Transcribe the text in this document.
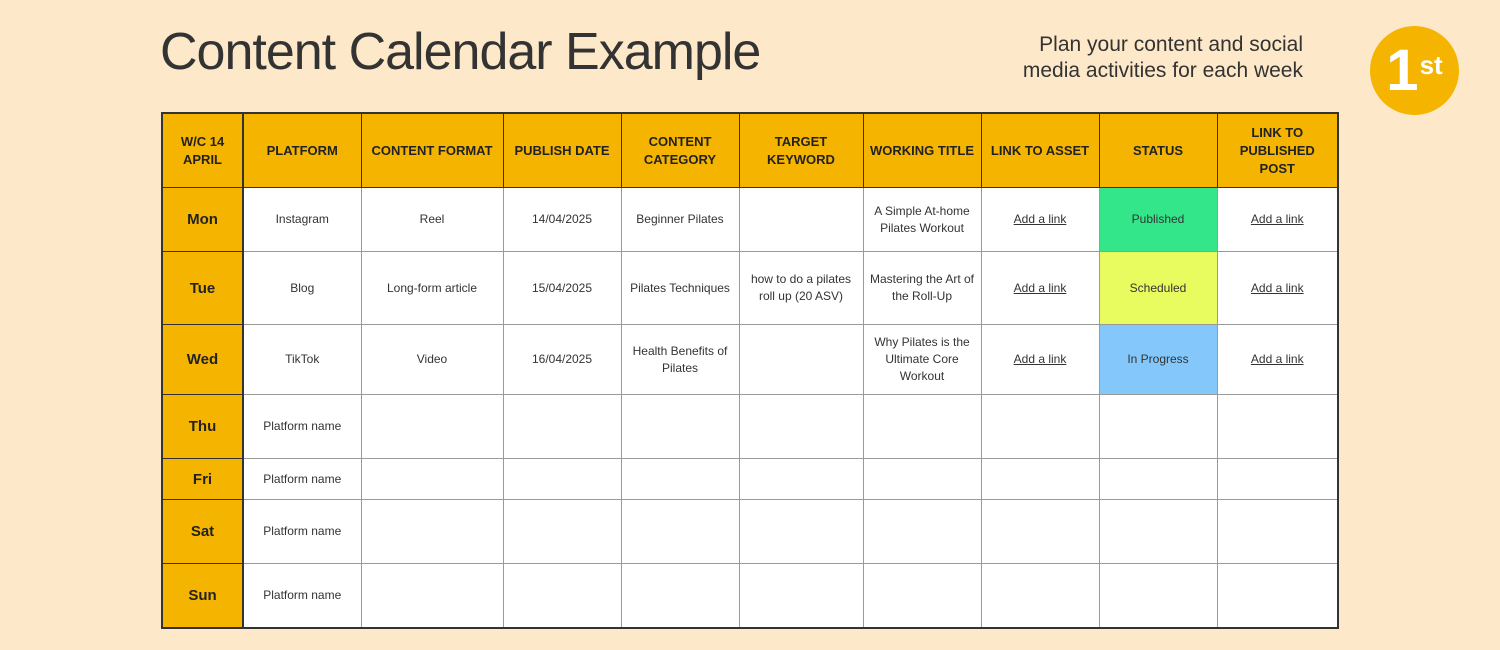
Content Calendar Example	Plan your content and social
media activities for each week 1 st
W/C 14 APRIL	PLATFORM	CONTENT FORMAT	PUBLISH DATE	CONTENT CATEGORY	TARGET KEYWORD	WORKING TITLE	LINK TO ASSET	STATUS	LINK TO PUBLISHED POST
Mon	Instagram	Reel	14/04/2025	Beginner Pilates		A Simple At-home Pilates Workout	Add a link	Published	Add a link
Tue	Blog	Long-form article	15/04/2025	Pilates Techniques	how to do a pilates roll up (20 ASV)	Mastering the Art of the Roll-Up	Add a link	Scheduled	Add a link
Wed	TikTok	Video	16/04/2025	Health Benefits of Pilates		Why Pilates is the Ultimate Core Workout	Add a link	In Progress	Add a link
Thu	Platform name								
Fri	Platform name								
Sat	Platform name								
Sun	Platform name								
